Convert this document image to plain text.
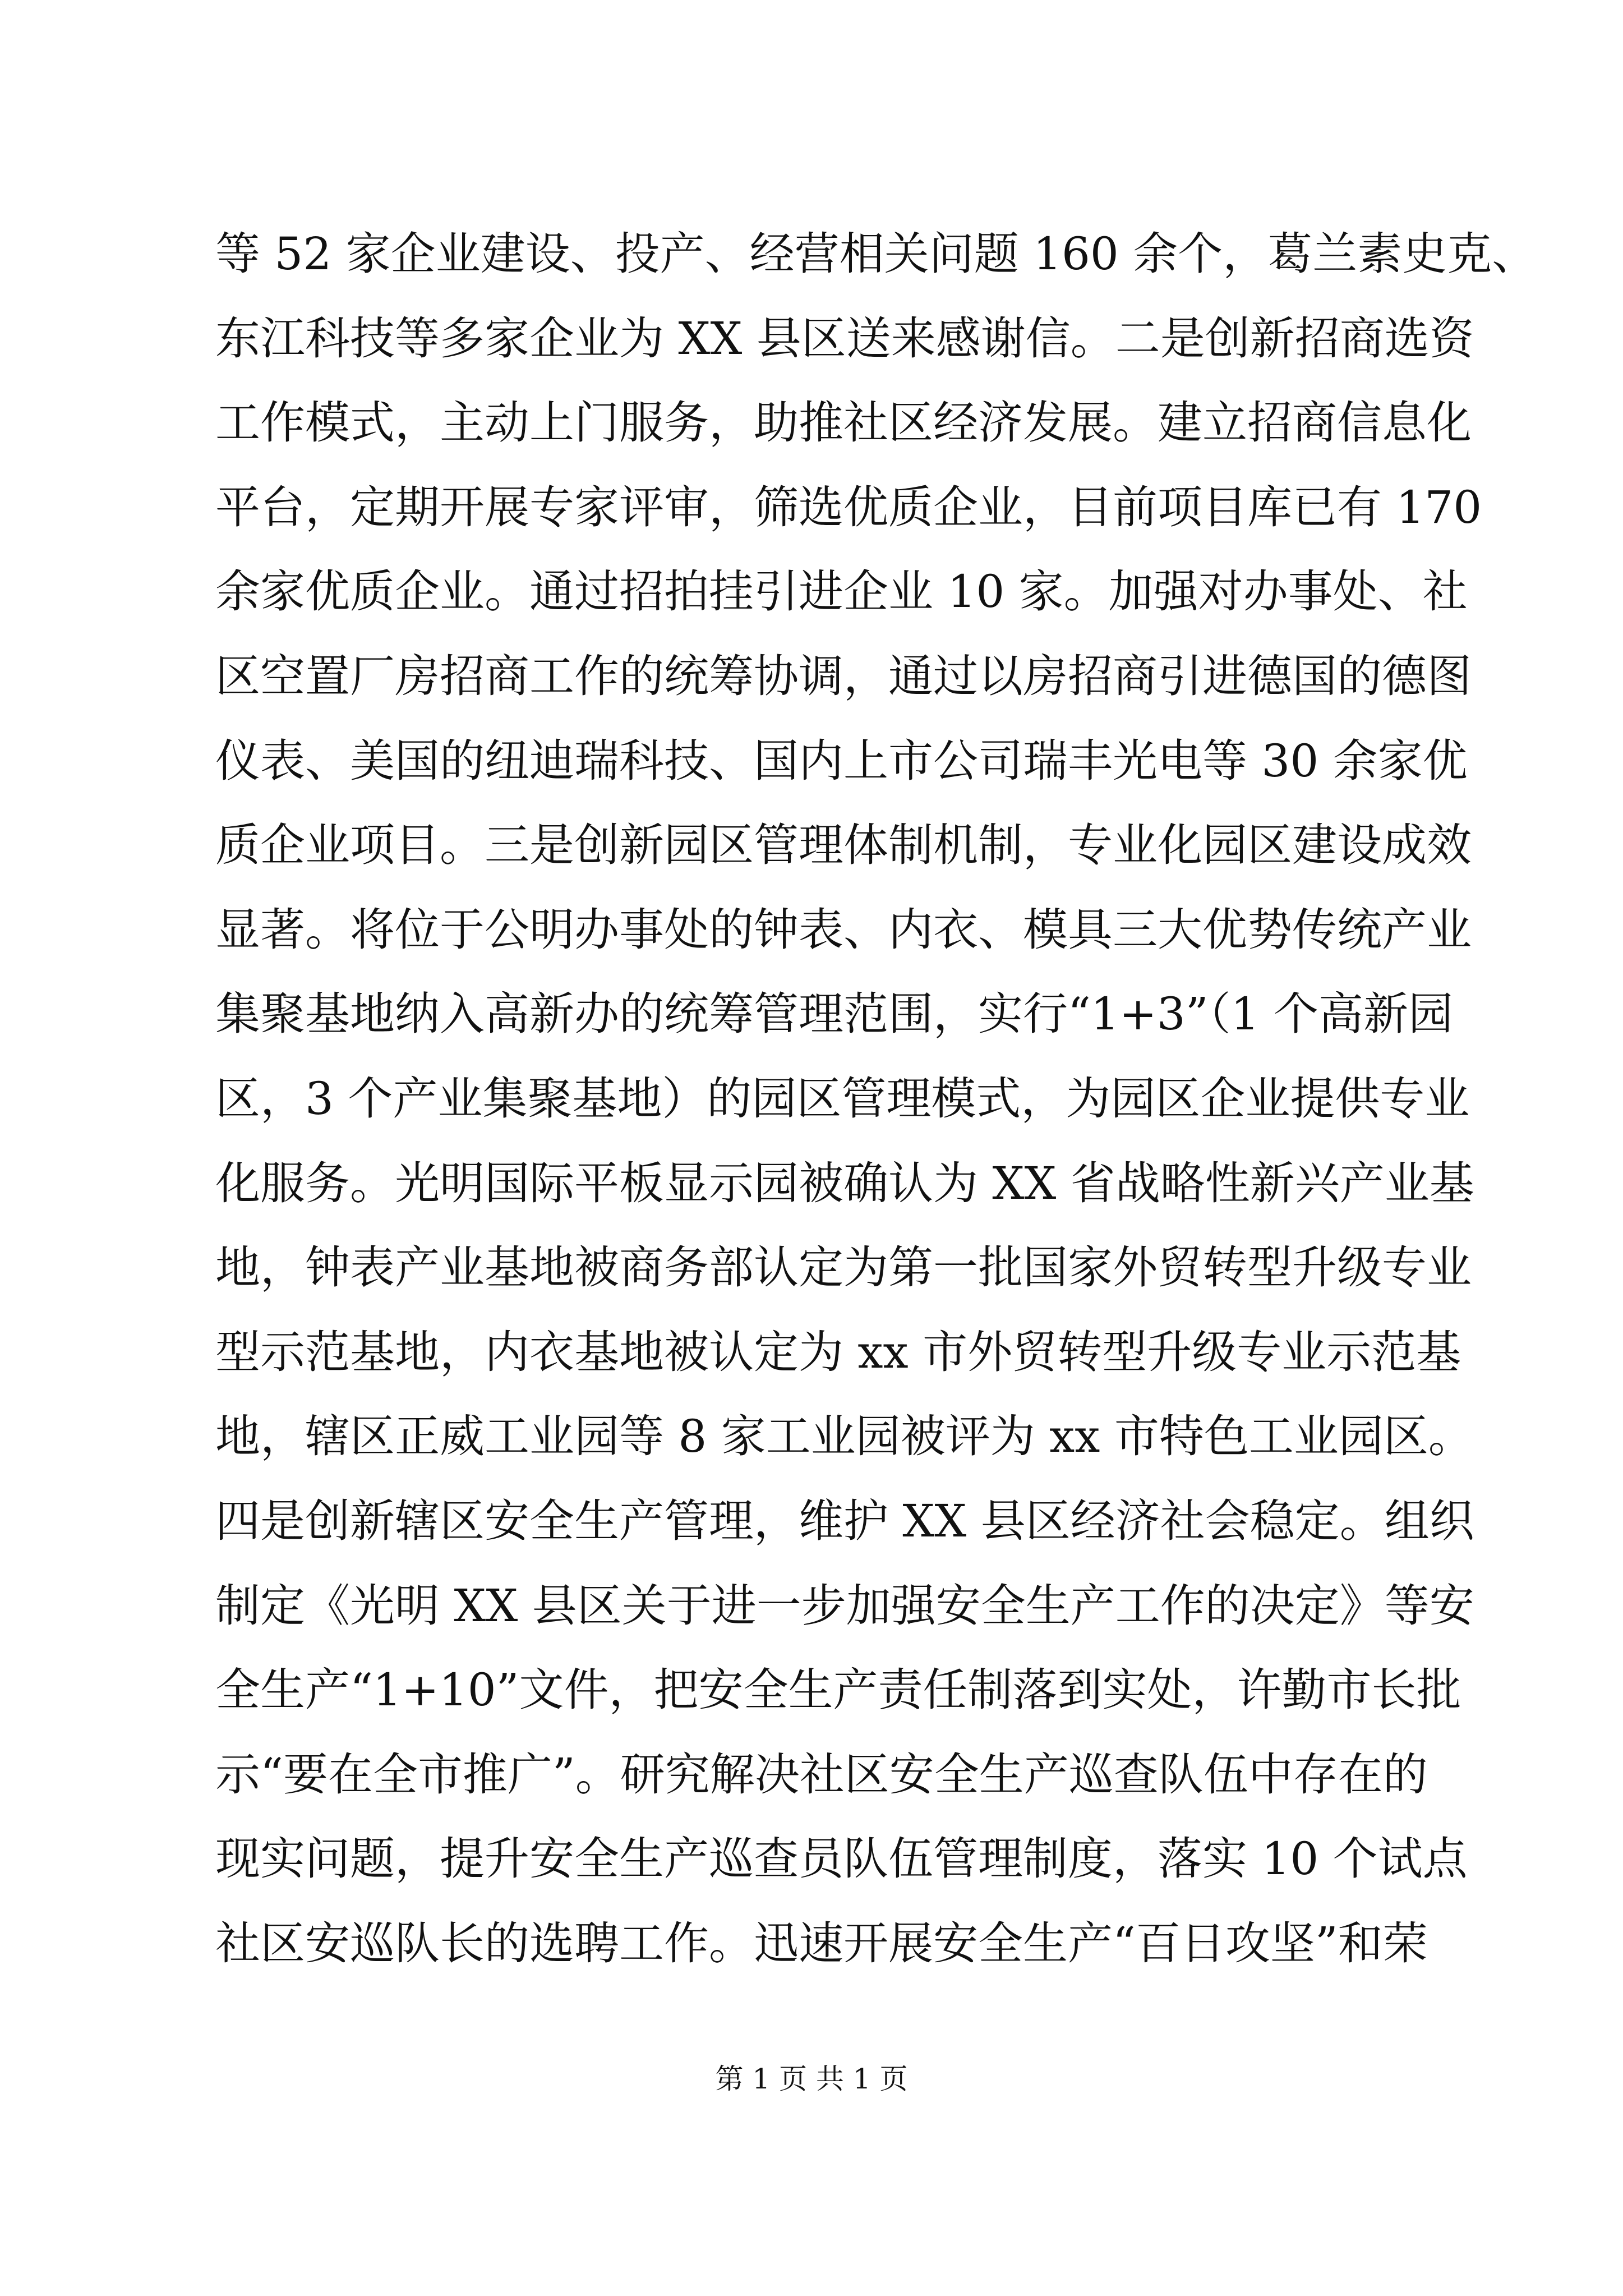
等 52 家企业建设、投产、经营相关问题 160 余个，葛兰素史克、
东江科技等多家企业为 XX 县区送来感谢信。二是创新招商选资
工作模式，主动上门服务，助推社区经济发展。建立招商信息化
平台，定期开展专家评审，筛选优质企业，目前项目库已有 170
余家优质企业。通过招拍挂引进企业 10 家。加强对办事处、社
区空置厂房招商工作的统筹协调，通过以房招商引进德国的德图
仪表、美国的纽迪瑞科技、国内上市公司瑞丰光电等 30 余家优
质企业项目。三是创新园区管理体制机制，专业化园区建设成效
显著。将位于公明办事处的钟表、内衣、模具三大优势传统产业
集聚基地纳入高新办的统筹管理范围，实行“1+3”（1 个高新园
区，3 个产业集聚基地）的园区管理模式，为园区企业提供专业
化服务。光明国际平板显示园被确认为 XX 省战略性新兴产业基
地，钟表产业基地被商务部认定为第一批国家外贸转型升级专业
型示范基地，内衣基地被认定为 xx 市外贸转型升级专业示范基
地，辖区正威工业园等 8 家工业园被评为 xx 市特色工业园区。
四是创新辖区安全生产管理，维护 XX 县区经济社会稳定。组织
制定《光明 XX 县区关于进一步加强安全生产工作的决定》等安
全生产“1+10”文件，把安全生产责任制落到实处，许勤市长批
示“要在全市推广”。研究解决社区安全生产巡查队伍中存在的
现实问题，提升安全生产巡查员队伍管理制度，落实 10 个试点
社区安巡队长的选聘工作。迅速开展安全生产“百日攻坚”和荣
第 1 页 共 1 页
